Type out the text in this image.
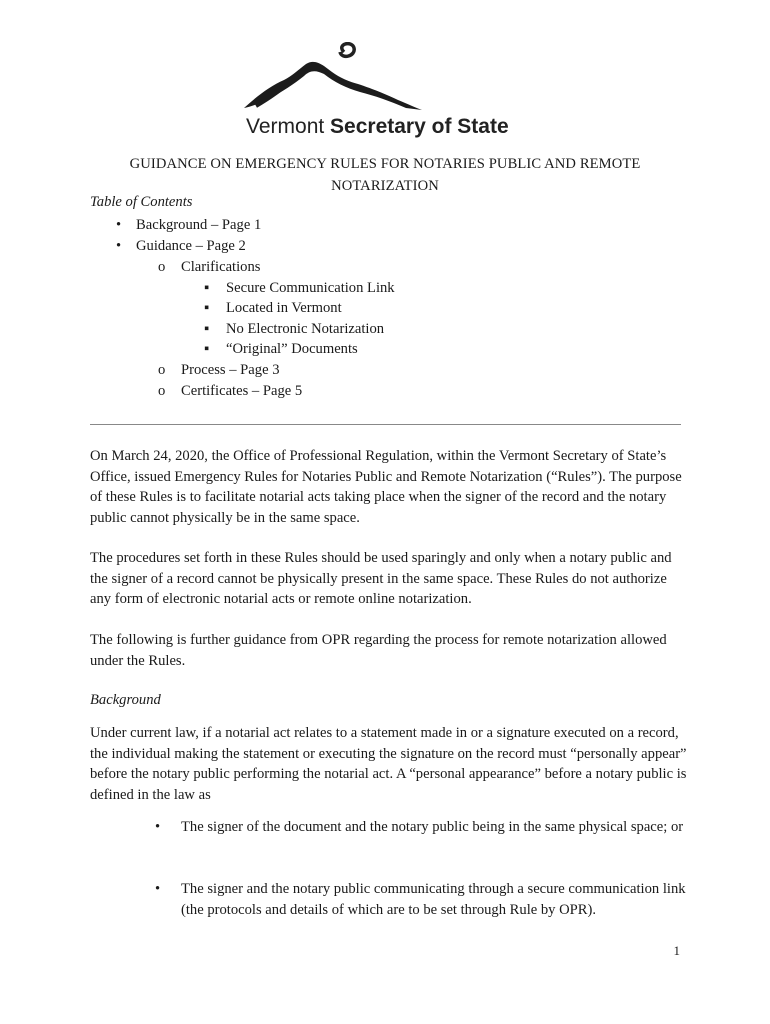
Vermont Secretary of State
GUIDANCE ON EMERGENCY RULES FOR NOTARIES PUBLIC AND REMOTE NOTARIZATION
Table of Contents
• Background – Page 1
• Guidance – Page 2
o Clarifications
▪ Secure Communication Link
▪ Located in Vermont
▪ No Electronic Notarization
▪ “Original” Documents
o Process – Page 3
o Certificates – Page 5
On March 24, 2020, the Office of Professional Regulation, within the Vermont Secretary of State’s Office, issued Emergency Rules for Notaries Public and Remote Notarization (“Rules”). The purpose of these Rules is to facilitate notarial acts taking place when the signer of the record and the notary public cannot physically be in the same space.
The procedures set forth in these Rules should be used sparingly and only when a notary public and the signer of a record cannot be physically present in the same space. These Rules do not authorize any form of electronic notarial acts or remote online notarization.
The following is further guidance from OPR regarding the process for remote notarization allowed under the Rules.
Background
Under current law, if a notarial act relates to a statement made in or a signature executed on a record, the individual making the statement or executing the signature on the record must “personally appear” before the notary public performing the notarial act. A “personal appearance” before a notary public is defined in the law as
• The signer of the document and the notary public being in the same physical space; or
• The signer and the notary public communicating through a secure communication link (the protocols and details of which are to be set through Rule by OPR).
1
